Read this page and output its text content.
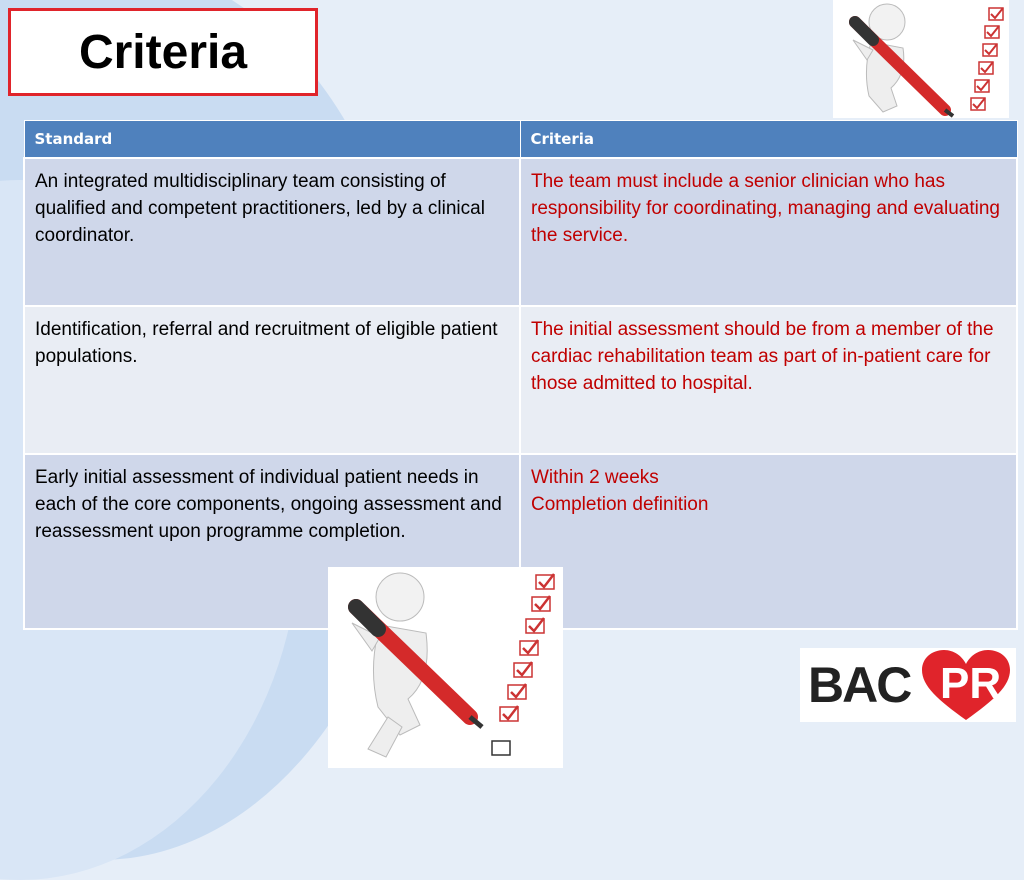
Criteria
Standard	Criteria
An integrated multidisciplinary team consisting of qualified and competent practitioners, led by a clinical coordinator.	The team must include a senior clinician who has responsibility for coordinating, managing and evaluating the service.

Identification, referral and recruitment of eligible patient populations.	The initial assessment should be from a member of the cardiac rehabilitation team as part of in-patient care for those admitted to hospital.

Early initial assessment of individual patient needs in each of the core components, ongoing assessment and reassessment upon programme completion.	Within 2 weeks
Completion definition
PR
BAC
